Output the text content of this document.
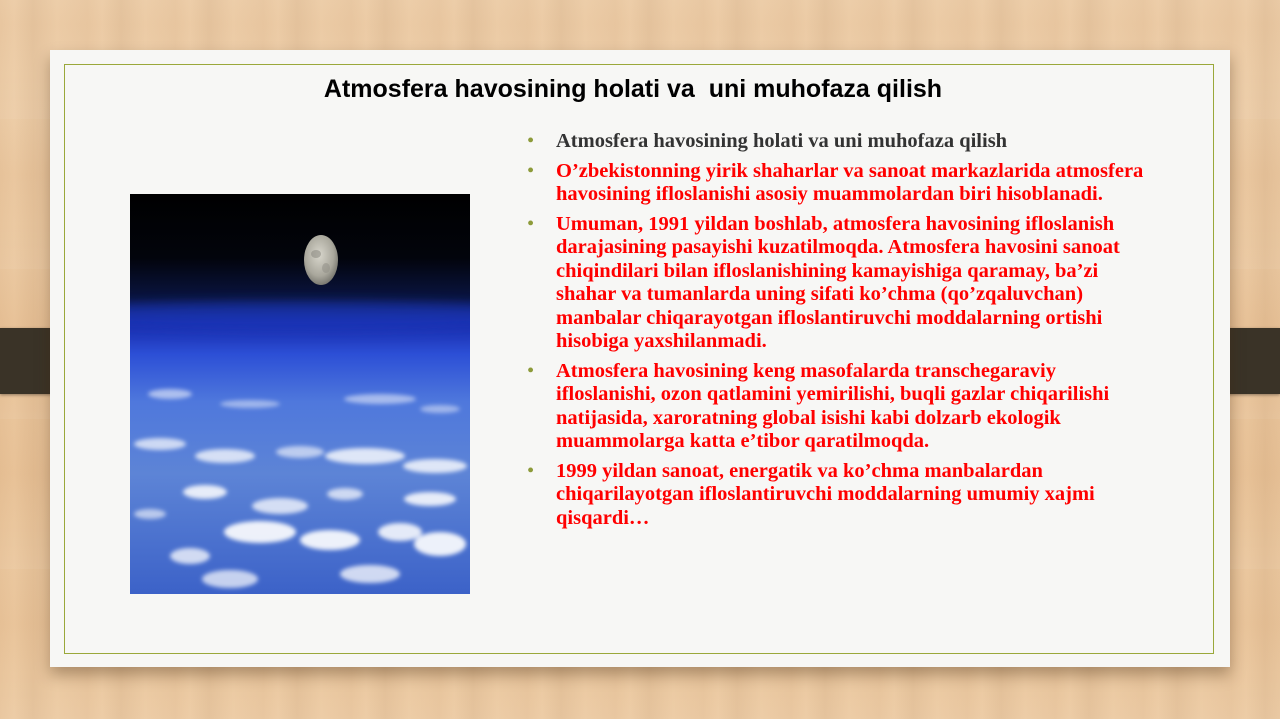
Atmosfera havosining holati va  uni muhofaza qilish
• Atmosfera havosining holati va uni muhofaza qilish
• O’zbekistonning yirik shaharlar va sanoat markazlarida atmosfera havosining ifloslanishi asosiy muammolardan biri hisoblanadi.
• Umuman, 1991 yildan boshlab, atmosfera havosining ifloslanish darajasining pasayishi kuzatilmoqda. Atmosfera havosini sanoat chiqindilari bilan ifloslanishining kamayishiga qaramay, ba’zi shahar va tumanlarda uning sifati ko’chma (qo’zqaluvchan) manbalar chiqarayotgan ifloslantiruvchi moddalarning ortishi hisobiga yaxshilanmadi.
• Atmosfera havosining keng masofalarda transchegaraviy ifloslanishi, ozon qatlamini yemirilishi, buqli gazlar chiqarilishi natijasida, xaroratning global isishi kabi dolzarb ekologik muammolarga katta e’tibor qaratilmoqda.
• 1999 yildan sanoat, energatik va ko’chma manbalardan chiqarilayotgan ifloslantiruvchi moddalarning umumiy xajmi qisqardi…
